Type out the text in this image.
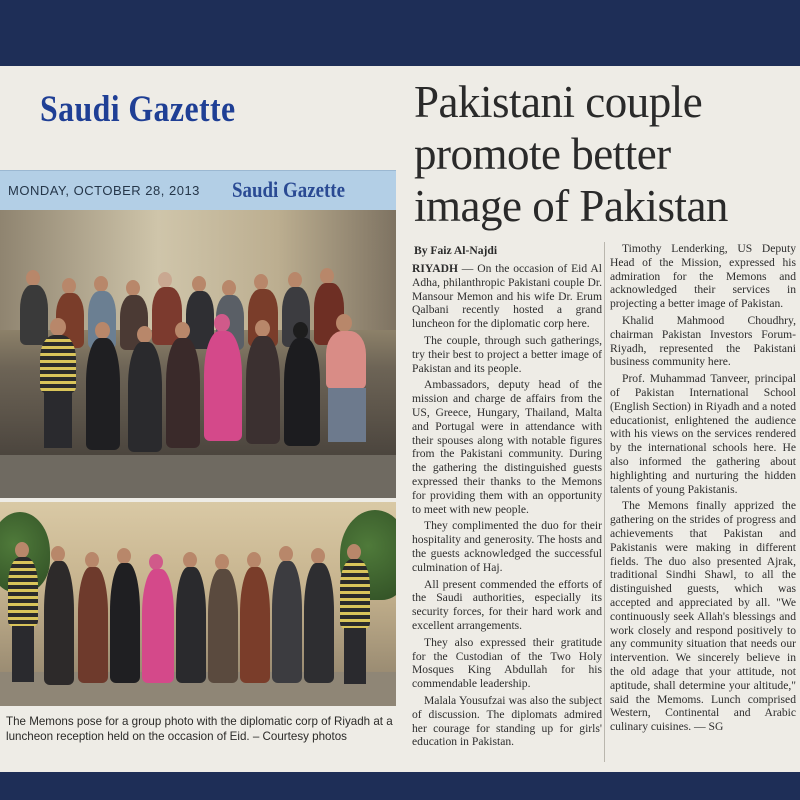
Saudi Gazette
MONDAY, OCTOBER 28, 2013 Saudi Gazette
The Memons pose for a group photo with the diplomatic corp of Riyadh at a luncheon reception held on the occasion of Eid. – Courtesy photos
Pakistani couple
promote better
image of Pakistan
By Faiz Al-Najdi

RIYADH — On the occasion of Eid Al Adha, philanthropic Pakistani couple Dr. Mansour Memon and his wife Dr. Erum Qalbani recently hosted a grand luncheon for the diplomatic corp here.

The couple, through such gatherings, try their best to project a better image of Pakistan and its people.

Ambassadors, deputy head of the mission and charge de affairs from the US, Greece, Hungary, Thailand, Malta and Portugal were in attendance with their spouses along with notable figures from the Pakistani community. During the gathering the distinguished guests expressed their thanks to the Memons for providing them with an opportunity to meet with new people.

They complimented the duo for their hospitality and generosity. The hosts and the guests acknowledged the successful culmination of Haj.

All present commended the efforts of the Saudi authorities, especially its security forces, for their hard work and excellent arrangements.

They also expressed their gratitude for the Custodian of the Two Holy Mosques King Abdullah for his commendable leadership.

Malala Yousufzai was also the subject of discussion. The diplomats admired her courage for standing up for girls' education in Pakistan.

Timothy Lenderking, US Deputy Head of the Mission, expressed his admiration for the Memons and acknowledged their services in projecting a better image of Pakistan.

Khalid Mahmood Choudhry, chairman Pakistan Investors Forum-Riyadh, represented the Pakistani business community here.

Prof. Muhammad Tanveer, principal of Pakistan International School (English Section) in Riyadh and a noted educationist, enlightened the audience with his views on the services rendered by the international schools here. He also informed the gathering about highlighting and nurturing the hidden talents of young Pakistanis.

The Memons finally apprized the gathering on the strides of progress and achievements that Pakistan and Pakistanis were making in different fields. The duo also presented Ajrak, traditional Sindhi Shawl, to all the distinguished guests, which was accepted and appreciated by all. "We continuously seek Allah's blessings and work closely and respond positively to any community situation that needs our intervention. We sincerely believe in the old adage that your attitude, not aptitude, shall determine your altitude," said the Memoms. Lunch comprised Western, Continental and Arabic culinary cuisines. — SG
